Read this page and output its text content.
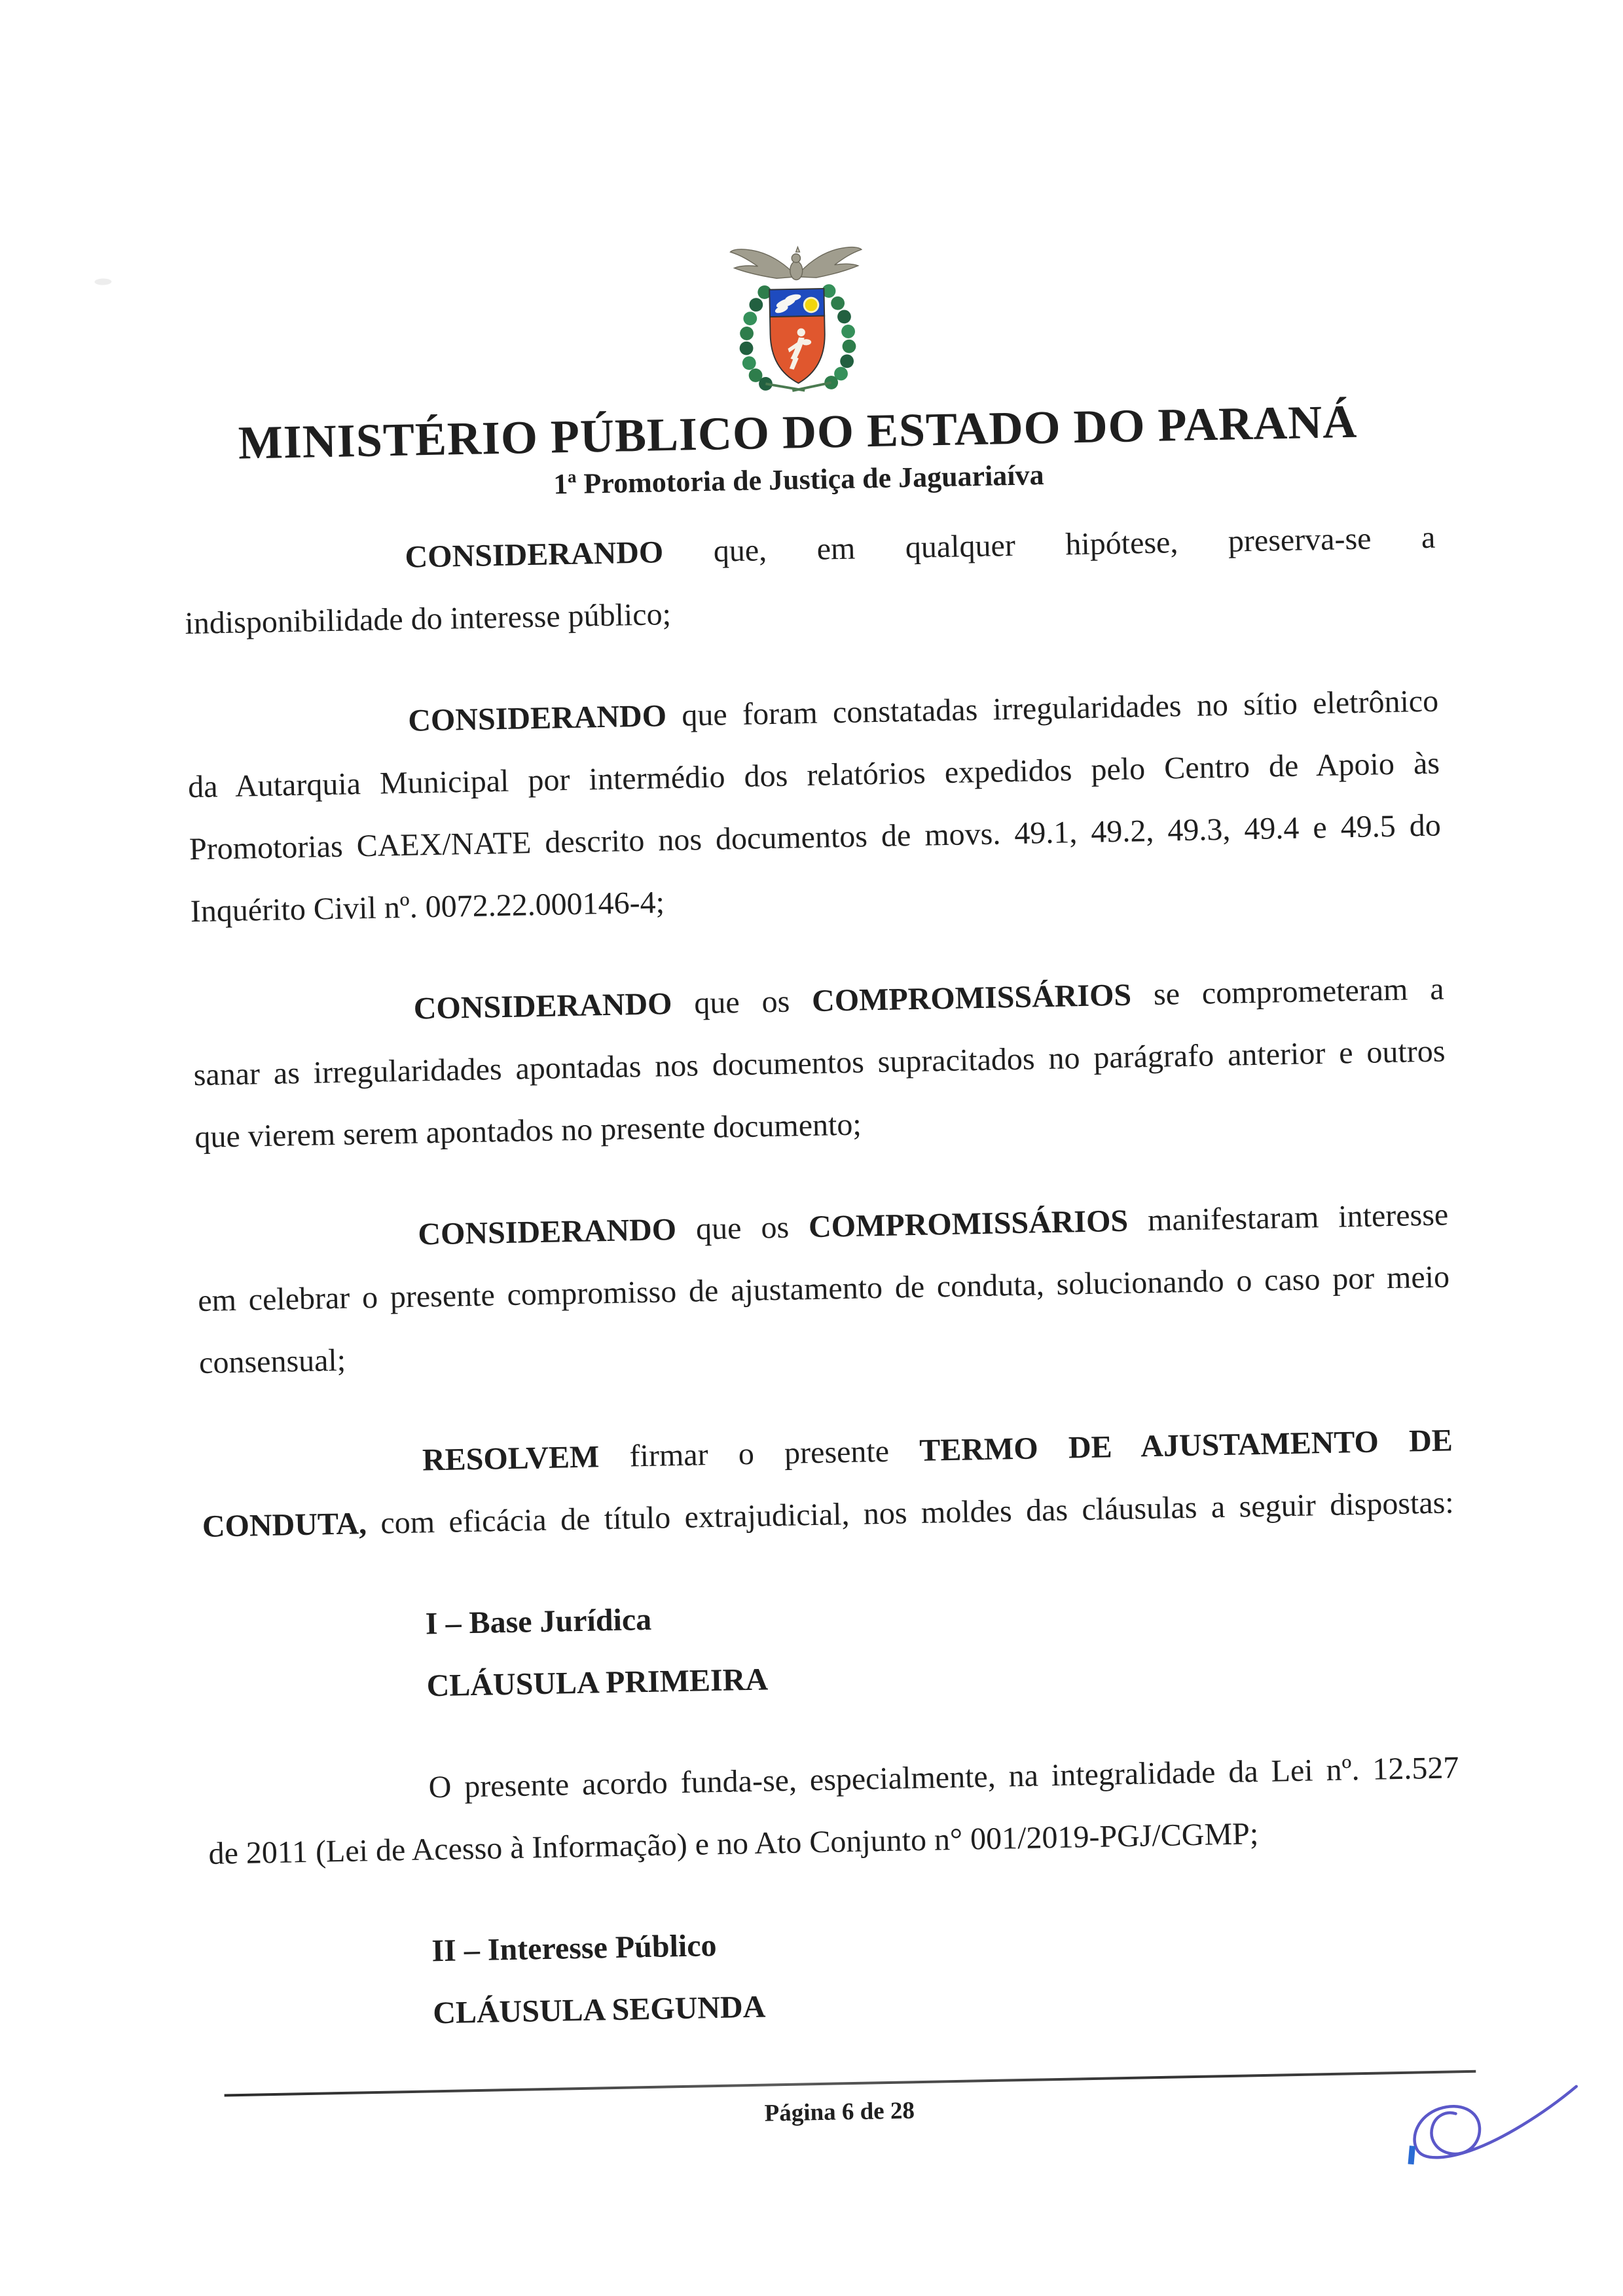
MINISTÉRIO PÚBLICO DO ESTADO DO PARANÁ
1ª Promotoria de Justiça de Jaguariaíva
CONSIDERANDO que, em qualquer hipótese, preserva-se a
indisponibilidade do interesse público;
CONSIDERANDO que foram constatadas irregularidades no sítio eletrônico
da Autarquia Municipal por intermédio dos relatórios expedidos pelo Centro de Apoio às
Promotorias CAEX/NATE descrito nos documentos de movs. 49.1, 49.2, 49.3, 49.4 e 49.5 do
Inquérito Civil nº. 0072.22.000146-4;
CONSIDERANDO que os COMPROMISSÁRIOS se comprometeram a
sanar as irregularidades apontadas nos documentos supracitados no parágrafo anterior e outros
que vierem serem apontados no presente documento;
CONSIDERANDO que os COMPROMISSÁRIOS manifestaram interesse
em celebrar o presente compromisso de ajustamento de conduta, solucionando o caso por meio
consensual;
RESOLVEM firmar o presente TERMO DE AJUSTAMENTO DE
CONDUTA, com eficácia de título extrajudicial, nos moldes das cláusulas a seguir dispostas:
I – Base Jurídica
CLÁUSULA PRIMEIRA
O presente acordo funda-se, especialmente, na integralidade da Lei nº. 12.527
de 2011 (Lei de Acesso à Informação) e no Ato Conjunto n° 001/2019-PGJ/CGMP;
II – Interesse Público
CLÁUSULA SEGUNDA
Página 6 de 28
